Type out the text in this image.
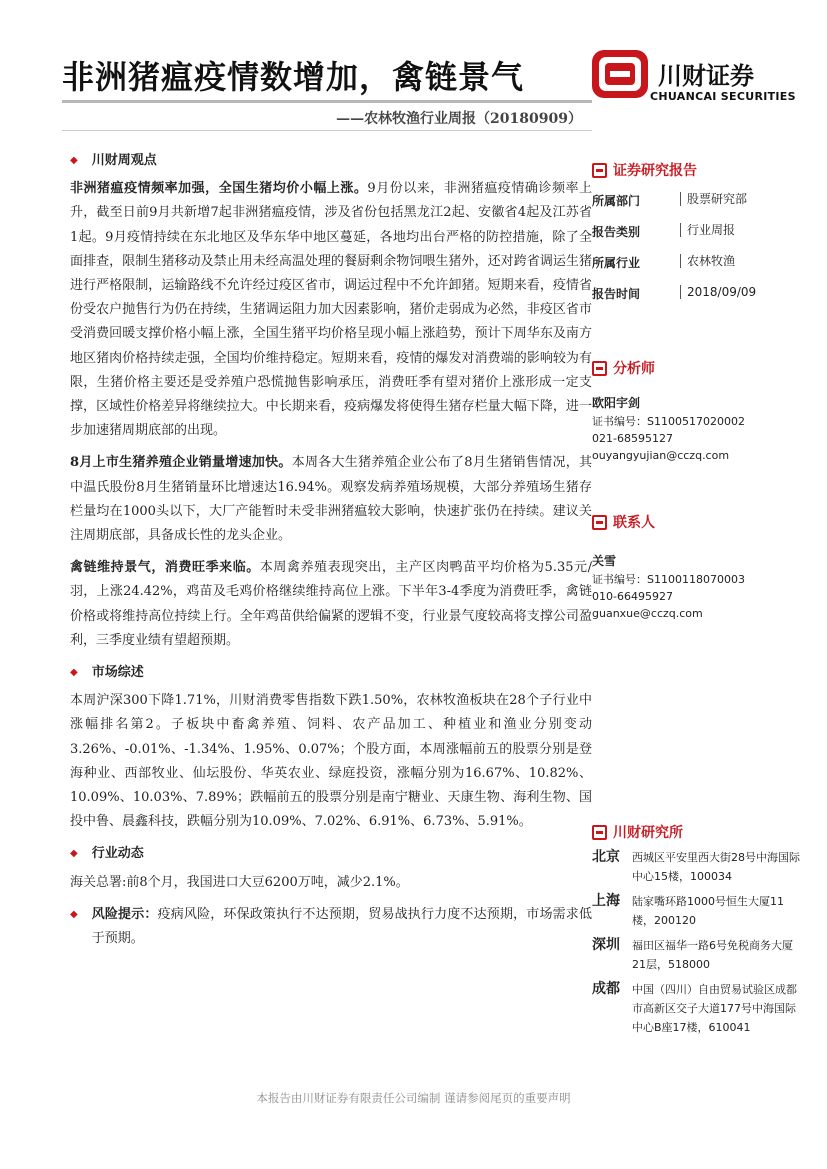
非洲猪瘟疫情数增加，禽链景气
——农林牧渔行业周报（20180909）
川财证券
CHUANCAI SECURITIES
◆ 川财周观点

非洲猪瘟疫情频率加强，全国生猪均价小幅上涨。9月份以来，非洲猪瘟疫情确诊频率上升，截至日前9月共新增7起非洲猪瘟疫情，涉及省份包括黑龙江2起、安徽省4起及江苏省1起。9月疫情持续在东北地区及华东华中地区蔓延，各地均出台严格的防控措施，除了全面排查，限制生猪移动及禁止用未经高温处理的餐厨剩余物饲喂生猪外，还对跨省调运生猪进行严格限制，运输路线不允许经过疫区省市，调运过程中不允许卸猪。短期来看，疫情省份受农户抛售行为仍在持续，生猪调运阻力加大因素影响，猪价走弱成为必然，非疫区省市受消费回暖支撑价格小幅上涨，全国生猪平均价格呈现小幅上涨趋势，预计下周华东及南方地区猪肉价格持续走强，全国均价维持稳定。短期来看，疫情的爆发对消费端的影响较为有限，生猪价格主要还是受养殖户恐慌抛售影响承压，消费旺季有望对猪价上涨形成一定支撑，区域性价格差异将继续拉大。中长期来看，疫病爆发将使得生猪存栏量大幅下降，进一步加速猪周期底部的出现。

8月上市生猪养殖企业销量增速加快。本周各大生猪养殖企业公布了8月生猪销售情况，其中温氏股份8月生猪销量环比增速达16.94%。观察发病养殖场规模，大部分养殖场生猪存栏量均在1000头以下，大厂产能暂时未受非洲猪瘟较大影响，快速扩张仍在持续。建议关注周期底部，具备成长性的龙头企业。

禽链维持景气，消费旺季来临。本周禽养殖表现突出，主产区肉鸭苗平均价格为5.35元/羽，上涨24.42%，鸡苗及毛鸡价格继续维持高位上涨。下半年3-4季度为消费旺季，禽链价格或将维持高位持续上行。全年鸡苗供给偏紧的逻辑不变，行业景气度较高将支撑公司盈利，三季度业绩有望超预期。

◆ 市场综述

本周沪深300下降1.71%，川财消费零售指数下跌1.50%，农林牧渔板块在28个子行业中涨幅排名第2。子板块中畜禽养殖、饲料、农产品加工、种植业和渔业分别变动3.26%、-0.01%、-1.34%、1.95%、0.07%；个股方面，本周涨幅前五的股票分别是登海种业、西部牧业、仙坛股份、华英农业、绿庭投资，涨幅分别为16.67%、10.82%、10.09%、10.03%、7.89%；跌幅前五的股票分别是南宁糖业、天康生物、海利生物、国投中鲁、晨鑫科技，跌幅分别为10.09%、7.02%、6.91%、6.73%、5.91%。

◆ 行业动态

海关总署:前8个月，我国进口大豆6200万吨，减少2.1%。

◆ 风险提示：疫病风险，环保政策执行不达预期，贸易战执行力度不达预期，市场需求低于预期。

证券研究报告
所属部门	股票研究部
报告类别	行业周报
所属行业	农林牧渔
报告时间	2018/09/09
分析师
欧阳宇剑
证书编号：S1100517020002
021-68595127
ouyangyujian@cczq.com
联系人
关雪
证书编号：S1100118070003
010-66495927
guanxue@cczq.com
川财研究所
北京	西城区平安里西大街28号中海国际中心15楼，100034
上海	陆家嘴环路1000号恒生大厦11楼，200120
深圳	福田区福华一路6号免税商务大厦21层，518000
成都	中国（四川）自由贸易试验区成都市高新区交子大道177号中海国际中心B座17楼，610041
本报告由川财证券有限责任公司编制 谨请参阅尾页的重要声明
